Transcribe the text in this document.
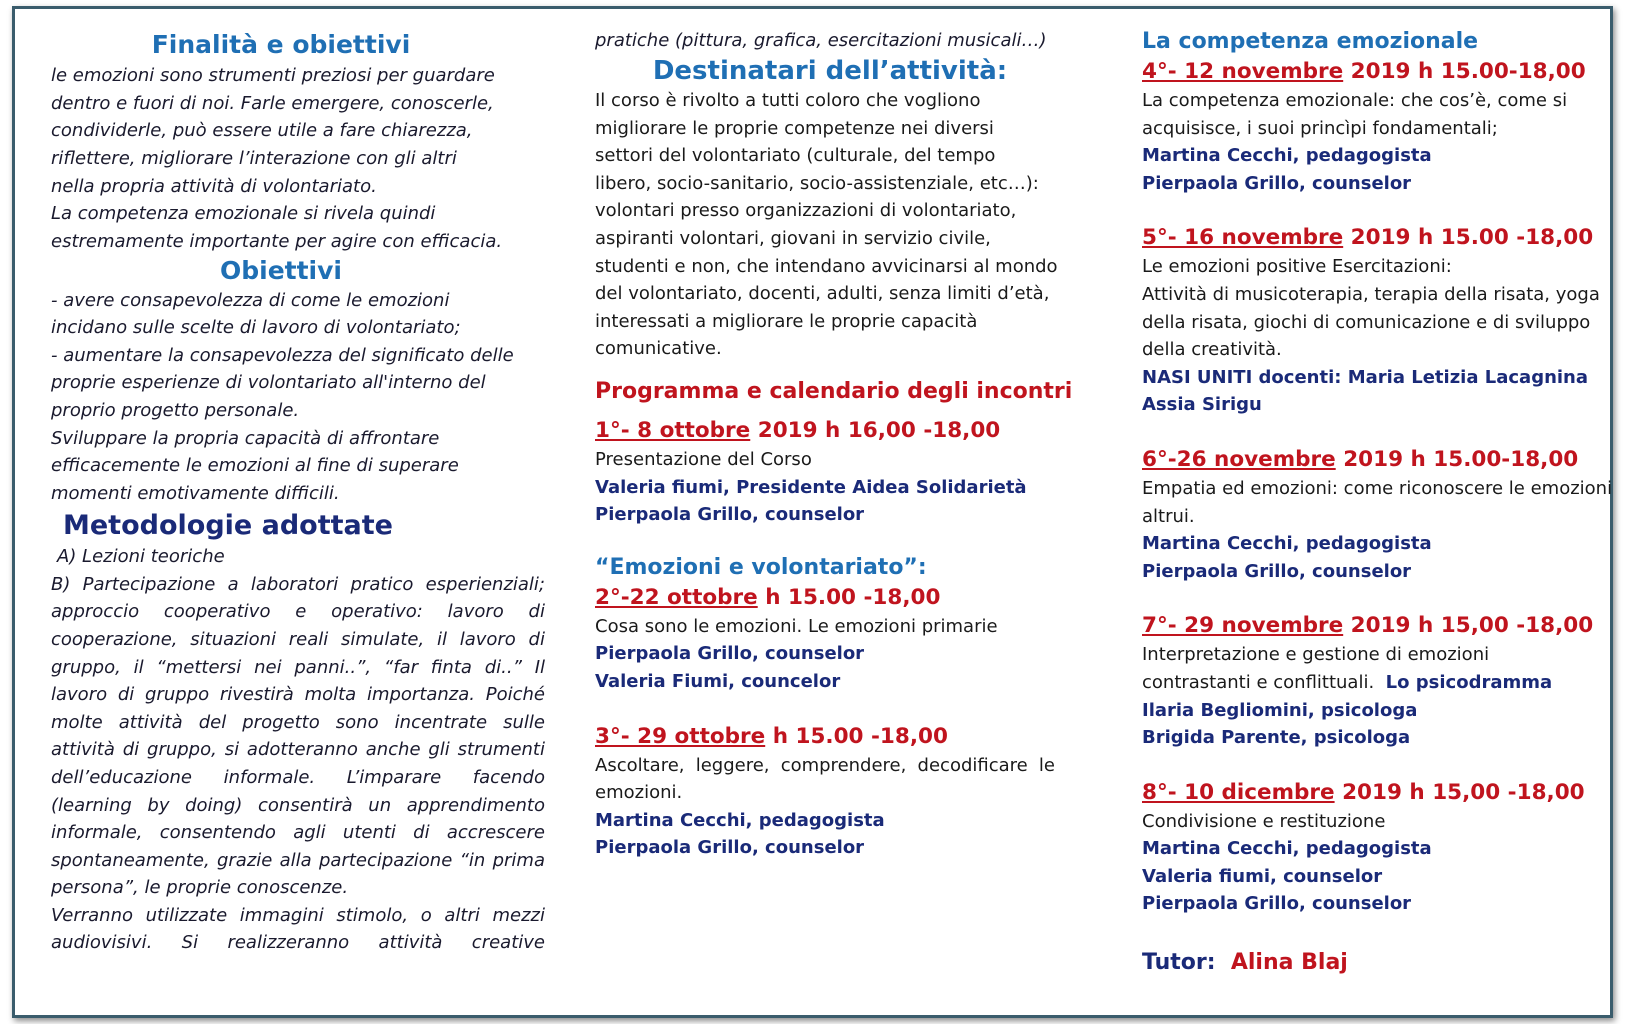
Finalità e obiettivi

le emozioni sono strumenti preziosi per guardare

dentro e fuori di noi. Farle emergere, conoscerle,

condividerle, può essere utile a fare chiarezza,

riflettere, migliorare l’interazione con gli altri

nella propria attività di volontariato.

La competenza emozionale si rivela quindi

estremamente importante per agire con efficacia.

Obiettivi

- avere consapevolezza di come le emozioni

incidano sulle scelte di lavoro di volontariato;

- aumentare la consapevolezza del significato delle

proprie esperienze di volontariato all'interno del

proprio progetto personale.

Sviluppare la propria capacità di affrontare

efficacemente le emozioni al fine di superare

momenti emotivamente difficili.

Metodologie adottate

A) Lezioni teoriche

B) Partecipazione a laboratori pratico esperienziali; approccio cooperativo e operativo: lavoro di cooperazione, situazioni reali simulate, il lavoro di gruppo, il “mettersi nei panni..”, “far finta di..” Il lavoro di gruppo rivestirà molta importanza. Poiché molte attività del progetto sono incentrate sulle attività di gruppo, si adotteranno anche gli strumenti dell’educazione informale. L’imparare facendo (learning by doing) consentirà un apprendimento informale, consentendo agli utenti di accrescere spontaneamente, grazie alla partecipazione “in prima persona”, le proprie conoscenze.

Verranno utilizzate immagini stimolo, o altri mezzi audiovisivi. Si realizzeranno attività creative

pratiche (pittura, grafica, esercitazioni musicali…)

Destinatari dell’attività:

Il corso è rivolto a tutti coloro che vogliono

migliorare le proprie competenze nei diversi

settori del volontariato (culturale, del tempo

libero, socio-sanitario, socio-assistenziale, etc…):

volontari presso organizzazioni di volontariato,

aspiranti volontari, giovani in servizio civile,

studenti e non, che intendano avvicinarsi al mondo

del volontariato, docenti, adulti, senza limiti d’età,

interessati a migliorare le proprie capacità

comunicative.

Programma e calendario degli incontri

1°- 8 ottobre 2019 h 16,00 -18,00

Presentazione del Corso

Valeria fiumi, Presidente Aidea Solidarietà
Pierpaola Grillo, counselor

“Emozioni e volontariato”:

2°-22 ottobre h 15.00 -18,00

Cosa sono le emozioni. Le emozioni primarie

Pierpaola Grillo, counselor
Valeria Fiumi, councelor

3°- 29 ottobre h 15.00 -18,00

Ascoltare, leggere, comprendere, decodificare le

emozioni.

Martina Cecchi, pedagogista
Pierpaola Grillo, counselor

La competenza emozionale

4°- 12 novembre 2019 h 15.00-18,00

La competenza emozionale: che cos’è, come si

acquisisce, i suoi princìpi fondamentali;

Martina Cecchi, pedagogista
Pierpaola Grillo, counselor

5°- 16 novembre 2019 h 15.00 -18,00

Le emozioni positive Esercitazioni:

Attività di musicoterapia, terapia della risata, yoga

della risata, giochi di comunicazione e di sviluppo

della creatività.

NASI UNITI docenti: Maria Letizia Lacagnina
Assia Sirigu

6°-26 novembre 2019 h 15.00-18,00

Empatia ed emozioni: come riconoscere le emozioni

altrui.

Martina Cecchi, pedagogista
Pierpaola Grillo, counselor

7°- 29 novembre 2019 h 15,00 -18,00

Interpretazione e gestione di emozioni

contrastanti e conflittuali. Lo psicodramma

Ilaria Begliomini, psicologa
Brigida Parente, psicologa

8°- 10 dicembre 2019 h 15,00 -18,00

Condivisione e restituzione

Martina Cecchi, pedagogista
Valeria fiumi, counselor
Pierpaola Grillo, counselor

Tutor: Alina Blaj
